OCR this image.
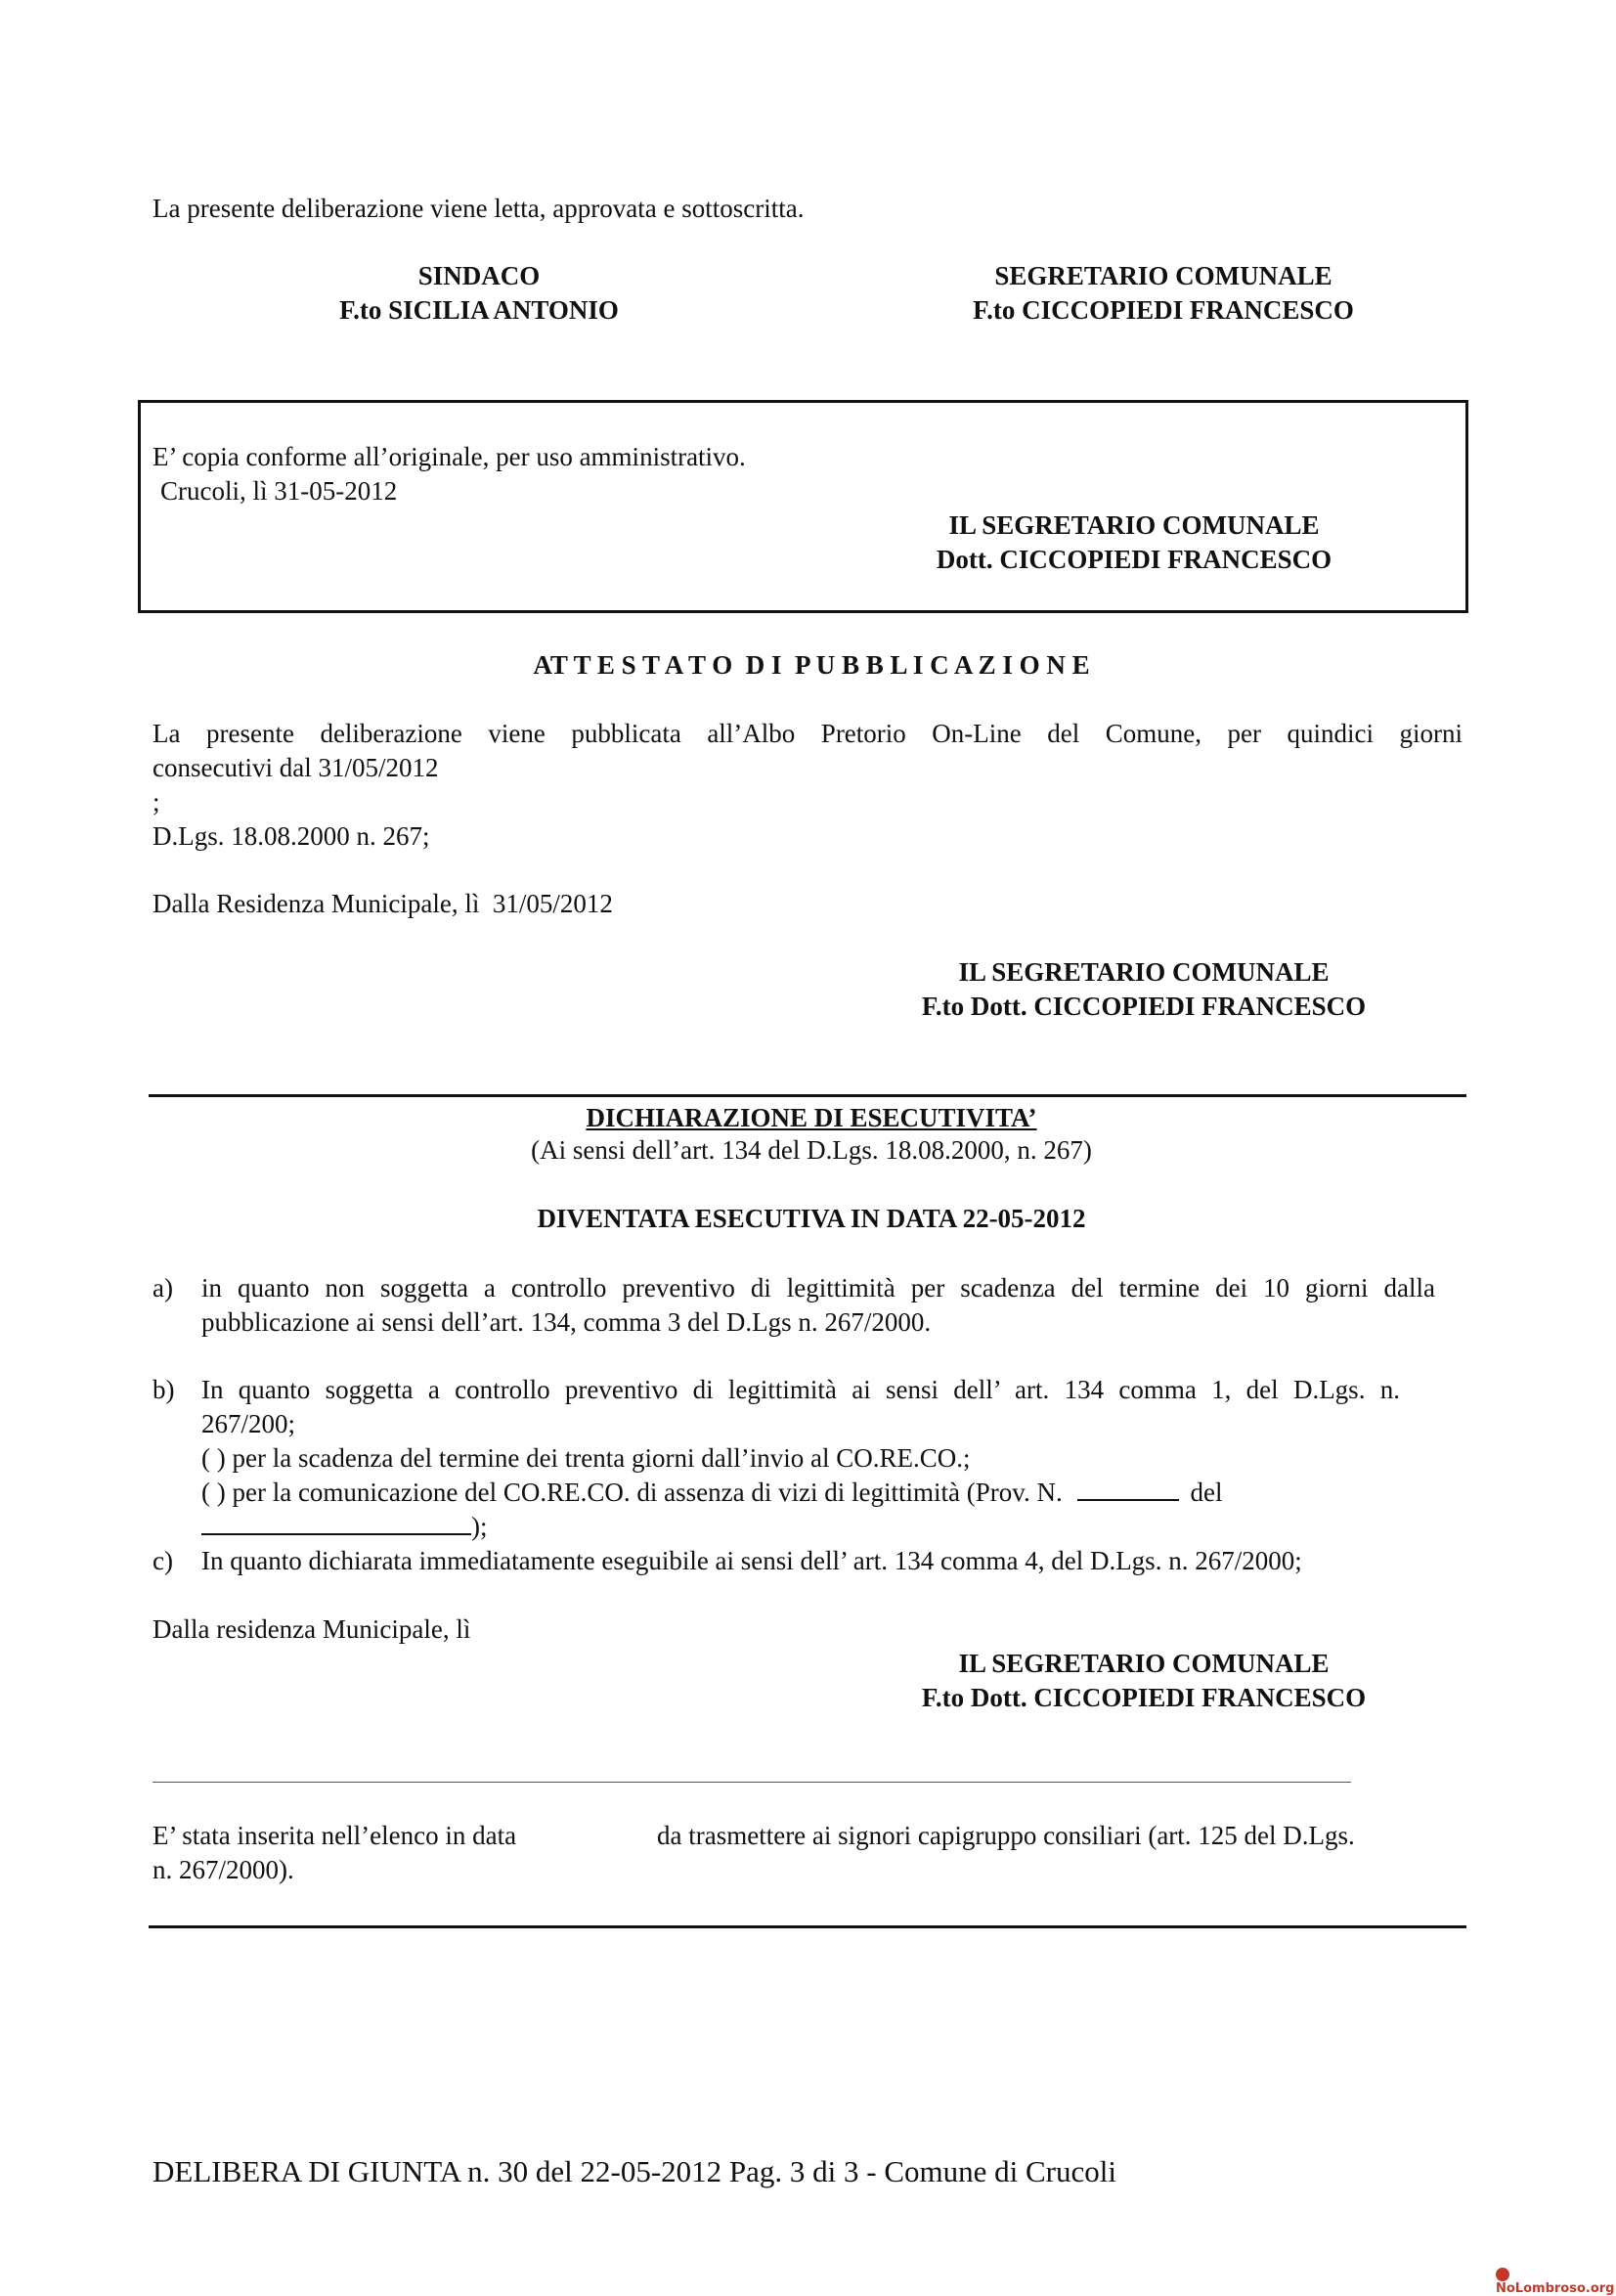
La presente deliberazione viene letta, approvata e sottoscritta.
SINDACO
F.to SICILIA ANTONIO
SEGRETARIO COMUNALE
F.to CICCOPIEDI FRANCESCO
E’ copia conforme all’originale, per uso amministrativo.
Crucoli, lì 31-05-2012
IL SEGRETARIO COMUNALE
Dott. CICCOPIEDI FRANCESCO
AT T E S T A T O  D I  P U B B L I C A Z I O N E
La presente deliberazione viene pubblicata all’Albo Pretorio On-Line del Comune, per quindici giorni
consecutivi dal 31/05/2012
;
D.Lgs. 18.08.2000 n. 267;
Dalla Residenza Municipale, lì  31/05/2012
IL SEGRETARIO COMUNALE
F.to Dott. CICCOPIEDI FRANCESCO
DICHIARAZIONE DI ESECUTIVITA’
(Ai sensi dell’art. 134 del D.Lgs. 18.08.2000, n. 267)
DIVENTATA ESECUTIVA IN DATA 22-05-2012
a) in quanto non soggetta a controllo preventivo di legittimità per scadenza del termine dei 10 giorni dalla
pubblicazione ai sensi dell’art. 134, comma 3 del D.Lgs n. 267/2000.
b) In quanto soggetta a controllo preventivo di legittimità ai sensi dell’ art. 134 comma 1, del D.Lgs. n.
267/200;
( ) per la scadenza del termine dei trenta giorni dall’invio al CO.RE.CO.;
( ) per la comunicazione del CO.RE.CO. di assenza di vizi di legittimità (Prov. N.	del
);
c) In quanto dichiarata immediatamente eseguibile ai sensi dell’ art. 134 comma 4, del D.Lgs. n. 267/2000;
Dalla residenza Municipale, lì
IL SEGRETARIO COMUNALE
F.to Dott. CICCOPIEDI FRANCESCO
E’ stata inserita nell’elenco in data	da trasmettere ai signori capigruppo consiliari (art. 125 del D.Lgs.
n. 267/2000).
DELIBERA DI GIUNTA n. 30 del 22-05-2012 Pag. 3 di 3 - Comune di Crucoli
NoLombroso.org
